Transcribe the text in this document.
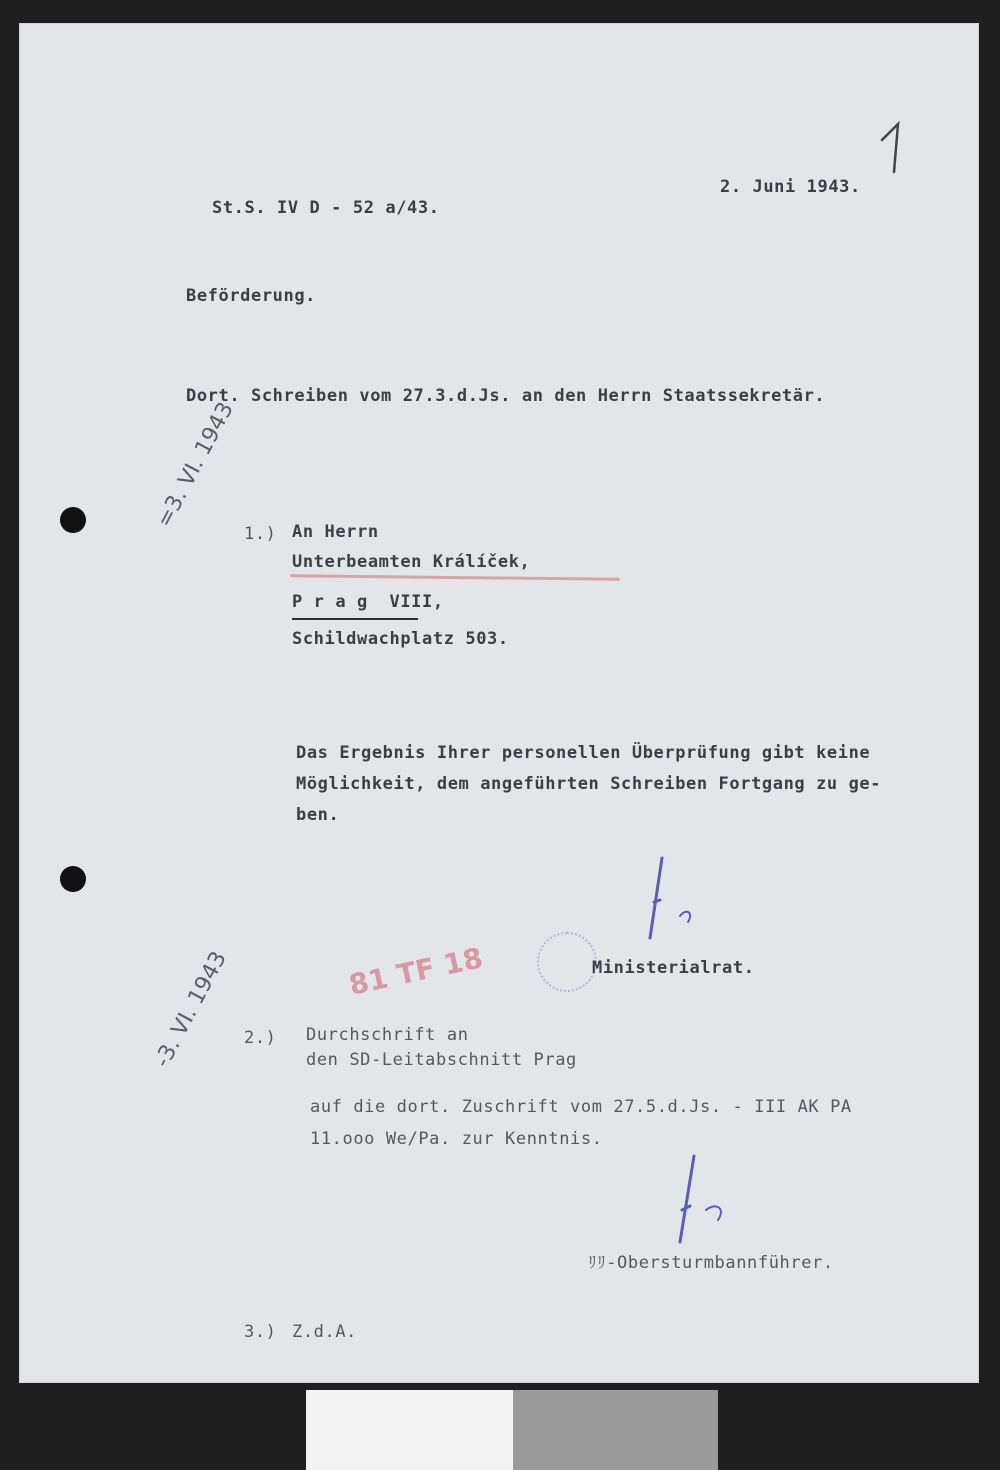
St.S. IV D - 52 a/43.
2. Juni 1943.
Beförderung.
Dort. Schreiben vom 27.3.d.Js. an den Herrn Staatssekretär.
1.) An Herrn
Unterbeamten Králíček,
P r a g  VIII,
Schildwachplatz 503.
Das Ergebnis Ihrer personellen Überprüfung gibt keine
Möglichkeit, dem angeführten Schreiben Fortgang zu ge-
ben.
Ministerialrat.
=3. VI. 1943
-3. VI. 1943	81 TF 18
2.) Durchschrift an
den SD-Leitabschnitt Prag
auf die dort. Zuschrift vom 27.5.d.Js. - III AK PA
11.ooo We/Pa. zur Kenntnis.
ﾘﾘ-Obersturmbannführer.
3.) Z.d.A.
